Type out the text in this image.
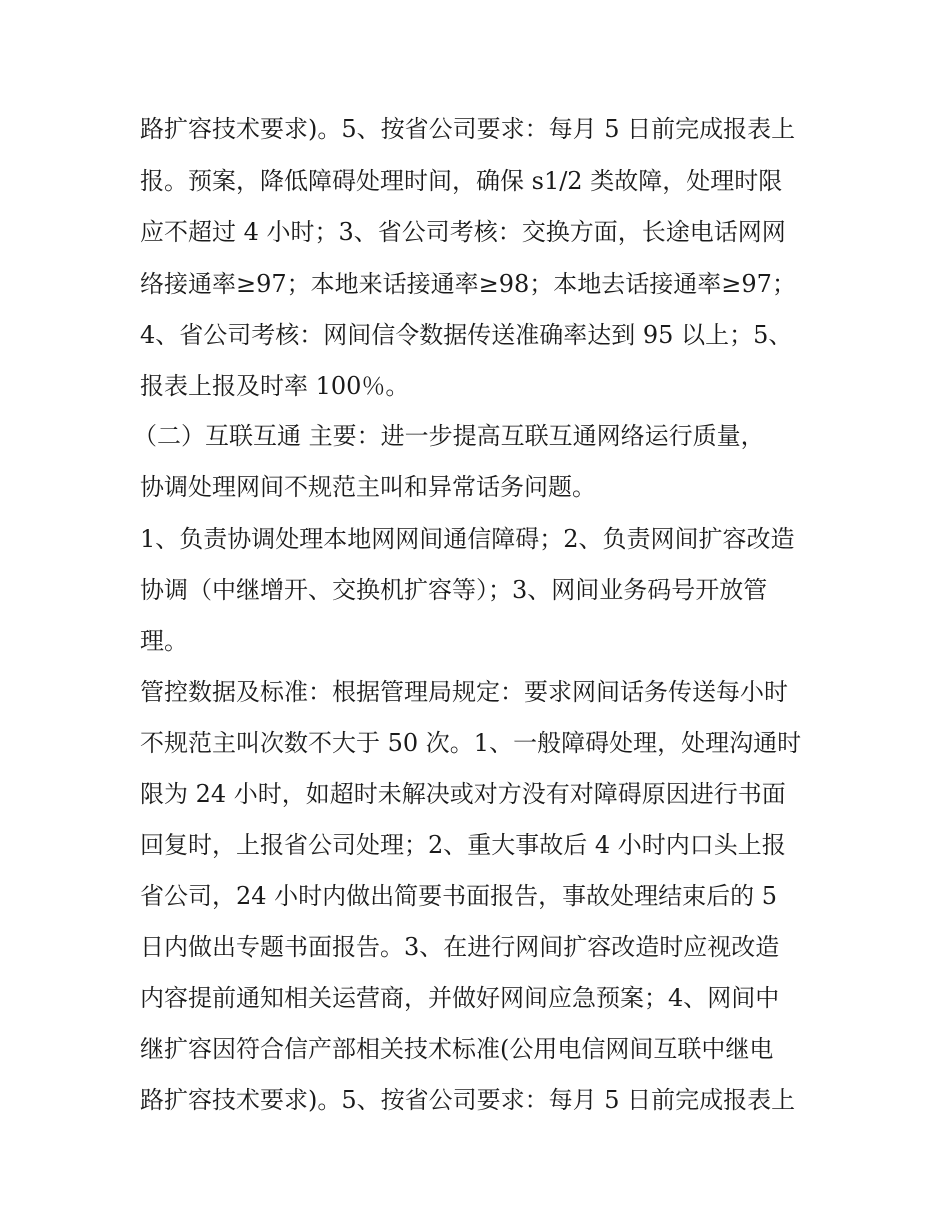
路扩容技术要求)。5、按省公司要求：每月 5 日前完成报表上
报。预案，降低障碍处理时间，确保 s1/2 类故障，处理时限
应不超过 4 小时；3、省公司考核：交换方面，长途电话网网
络接通率≥97；本地来话接通率≥98；本地去话接通率≥97；
4、省公司考核：网间信令数据传送准确率达到 95 以上；5、
报表上报及时率 100％。
（二）互联互通 主要：进一步提高互联互通网络运行质量，
协调处理网间不规范主叫和异常话务问题。
1、负责协调处理本地网网间通信障碍；2、负责网间扩容改造
协调（中继增开、交换机扩容等）；3、网间业务码号开放管
理。
管控数据及标准：根据管理局规定：要求网间话务传送每小时
不规范主叫次数不大于 50 次。1、一般障碍处理，处理沟通时
限为 24 小时，如超时未解决或对方没有对障碍原因进行书面
回复时，上报省公司处理；2、重大事故后 4 小时内口头上报
省公司，24 小时内做出简要书面报告，事故处理结束后的 5
日内做出专题书面报告。3、在进行网间扩容改造时应视改造
内容提前通知相关运营商，并做好网间应急预案；4、网间中
继扩容因符合信产部相关技术标准(公用电信网间互联中继电
路扩容技术要求)。5、按省公司要求：每月 5 日前完成报表上
